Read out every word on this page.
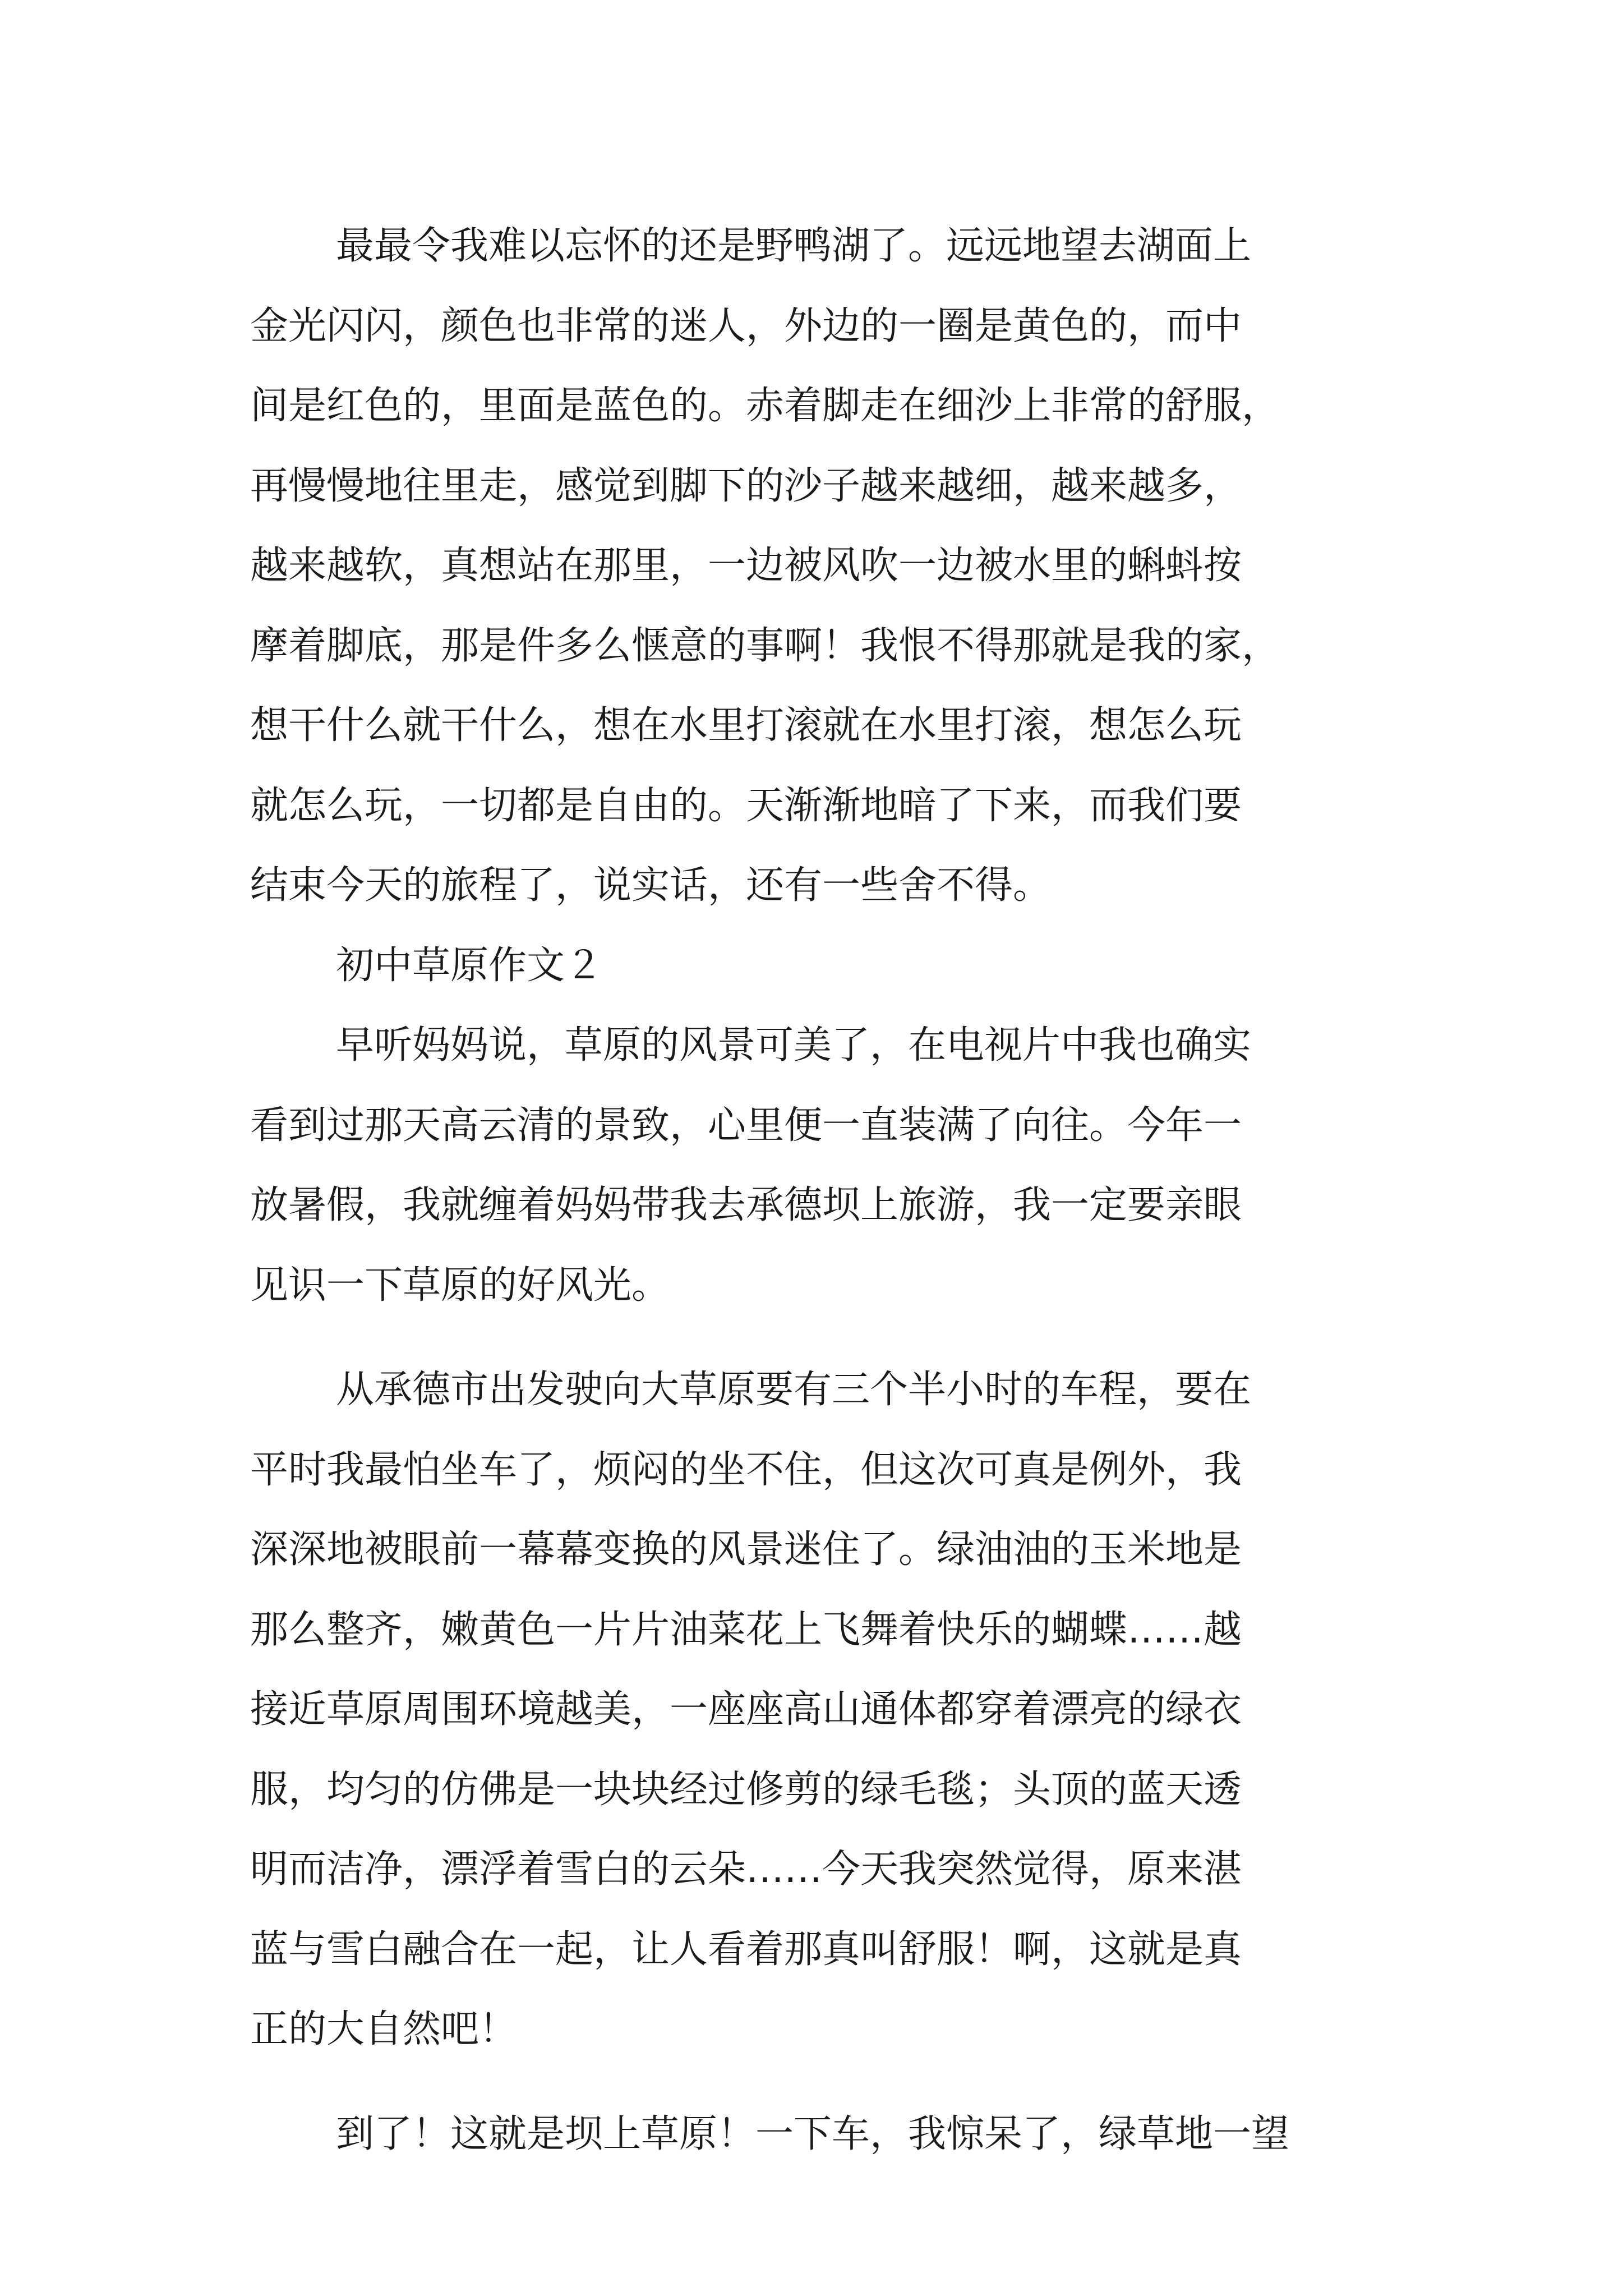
最最令我难以忘怀的还是野鸭湖了。远远地望去湖面上
金光闪闪，颜色也非常的迷人，外边的一圈是黄色的，而中
间是红色的，里面是蓝色的。赤着脚走在细沙上非常的舒服，
再慢慢地往里走，感觉到脚下的沙子越来越细，越来越多，
越来越软，真想站在那里，一边被风吹一边被水里的蝌蚪按
摩着脚底，那是件多么惬意的事啊！我恨不得那就是我的家，
想干什么就干什么，想在水里打滚就在水里打滚，想怎么玩
就怎么玩，一切都是自由的。天渐渐地暗了下来，而我们要
结束今天的旅程了，说实话，还有一些舍不得。
初中草原作文２
早听妈妈说，草原的风景可美了，在电视片中我也确实
看到过那天高云清的景致，心里便一直装满了向往。今年一
放暑假，我就缠着妈妈带我去承德坝上旅游，我一定要亲眼
见识一下草原的好风光。
从承德市出发驶向大草原要有三个半小时的车程，要在
平时我最怕坐车了，烦闷的坐不住，但这次可真是例外，我
深深地被眼前一幕幕变换的风景迷住了。绿油油的玉米地是
那么整齐，嫩黄色一片片油菜花上飞舞着快乐的蝴蝶……越
接近草原周围环境越美，一座座高山通体都穿着漂亮的绿衣
服，均匀的仿佛是一块块经过修剪的绿毛毯；头顶的蓝天透
明而洁净，漂浮着雪白的云朵……今天我突然觉得，原来湛
蓝与雪白融合在一起，让人看着那真叫舒服！啊，这就是真
正的大自然吧！
到了！这就是坝上草原！一下车，我惊呆了，绿草地一望
